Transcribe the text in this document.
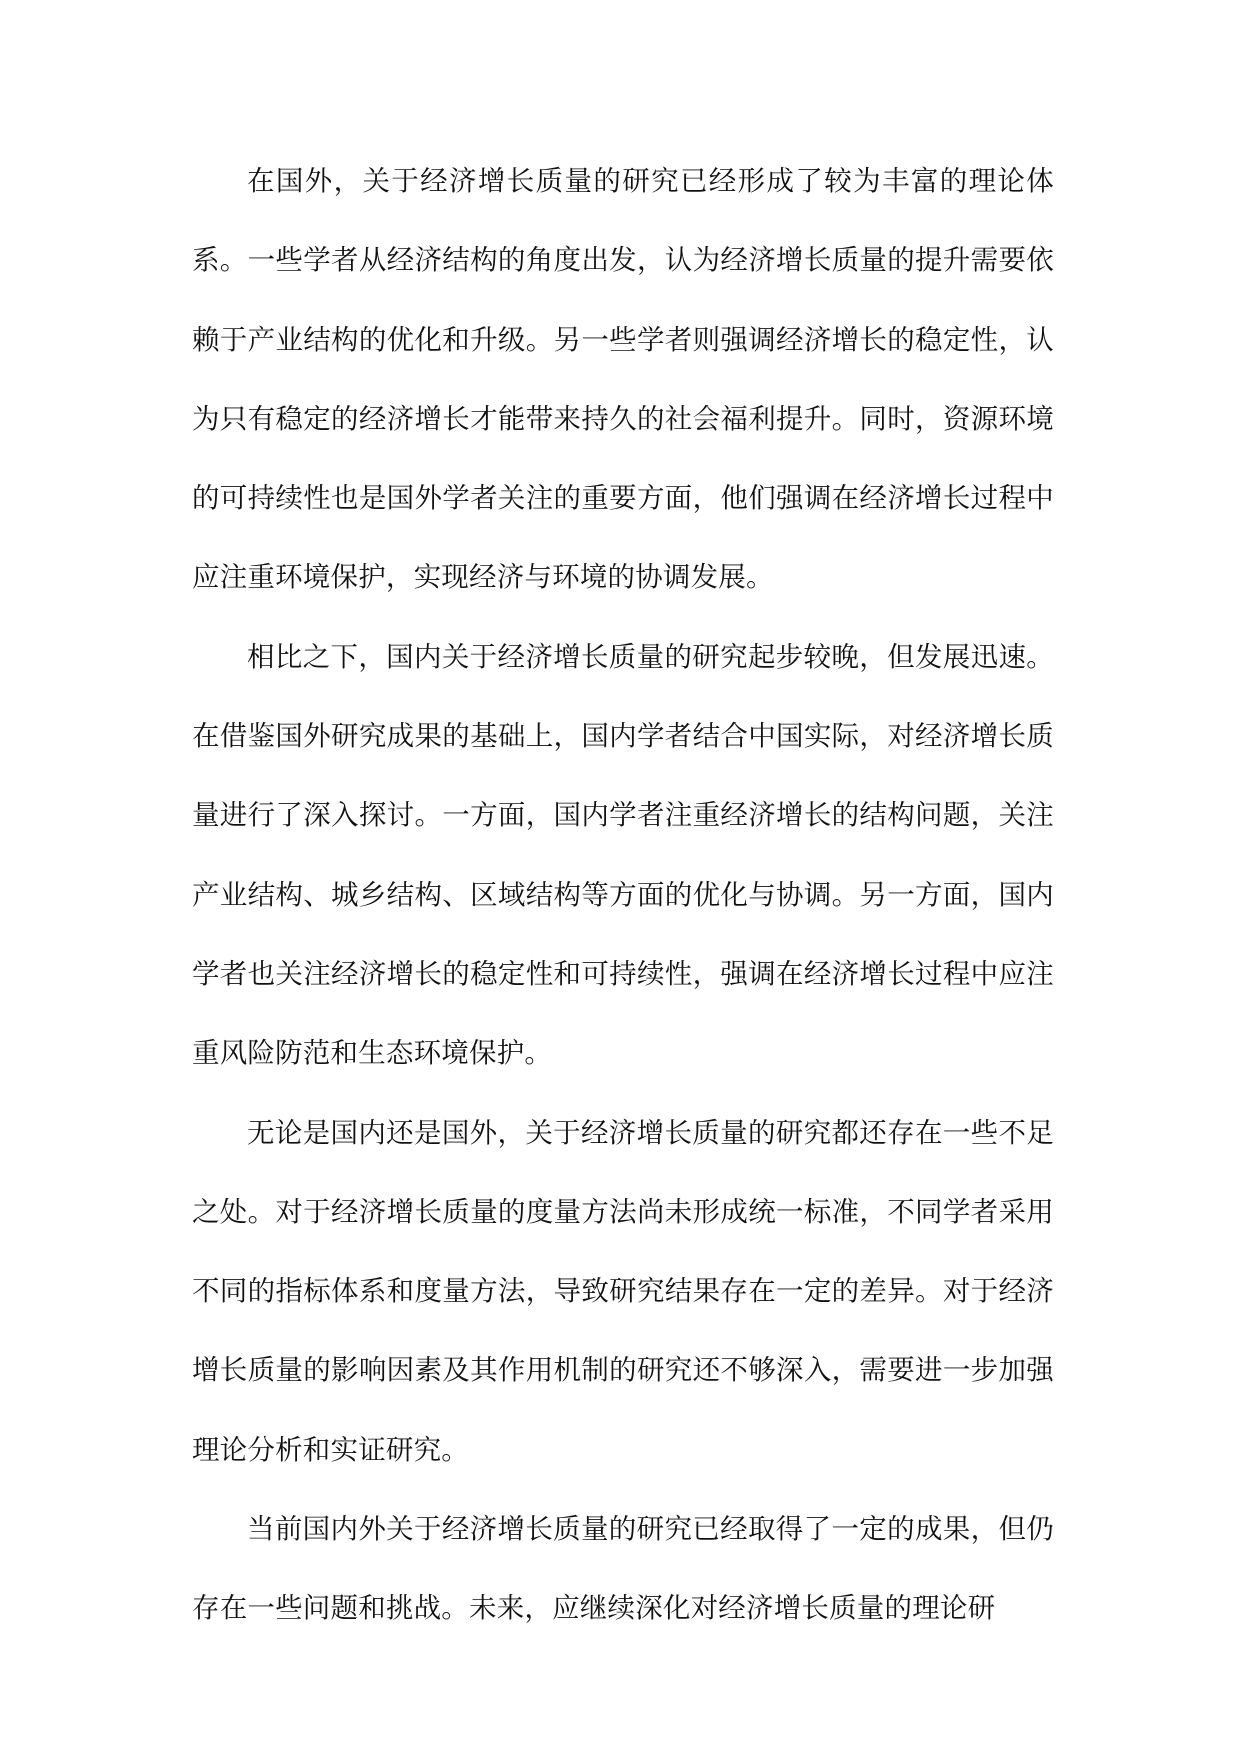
在国外，关于经济增长质量的研究已经形成了较为丰富的理论体系。一些学者从经济结构的角度出发，认为经济增长质量的提升需要依赖于产业结构的优化和升级。另一些学者则强调经济增长的稳定性，认为只有稳定的经济增长才能带来持久的社会福利提升。同时，资源环境的可持续性也是国外学者关注的重要方面，他们强调在经济增长过程中应注重环境保护，实现经济与环境的协调发展。

相比之下，国内关于经济增长质量的研究起步较晚，但发展迅速。在借鉴国外研究成果的基础上，国内学者结合中国实际，对经济增长质量进行了深入探讨。一方面，国内学者注重经济增长的结构问题，关注产业结构、城乡结构、区域结构等方面的优化与协调。另一方面，国内学者也关注经济增长的稳定性和可持续性，强调在经济增长过程中应注重风险防范和生态环境保护。

无论是国内还是国外，关于经济增长质量的研究都还存在一些不足之处。对于经济增长质量的度量方法尚未形成统一标准，不同学者采用不同的指标体系和度量方法，导致研究结果存在一定的差异。对于经济增长质量的影响因素及其作用机制的研究还不够深入，需要进一步加强理论分析和实证研究。

当前国内外关于经济增长质量的研究已经取得了一定的成果，但仍存在一些问题和挑战。未来，应继续深化对经济增长质量的理论研
